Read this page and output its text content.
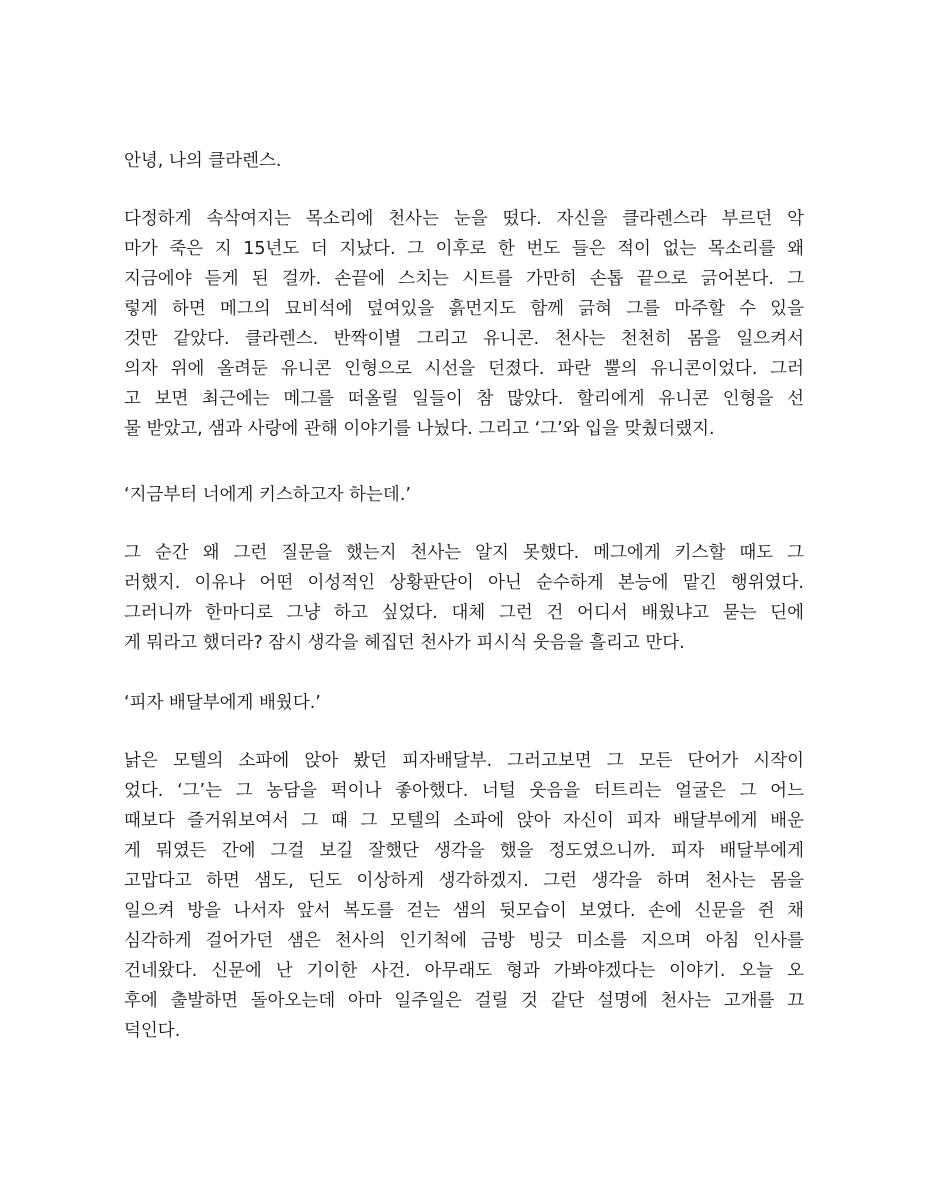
안녕, 나의 클라렌스.
다정하게 속삭여지는 목소리에 천사는 눈을 떴다. 자신을 클라렌스라 부르던 악
마가 죽은 지 15년도 더 지났다. 그 이후로 한 번도 들은 적이 없는 목소리를 왜
지금에야 듣게 된 걸까. 손끝에 스치는 시트를 가만히 손톱 끝으로 긁어본다. 그
렇게 하면 메그의 묘비석에 덮여있을 흙먼지도 함께 긁혀 그를 마주할 수 있을
것만 같았다. 클라렌스. 반짝이별 그리고 유니콘. 천사는 천천히 몸을 일으켜서
의자 위에 올려둔 유니콘 인형으로 시선을 던졌다. 파란 뿔의 유니콘이었다. 그러
고 보면 최근에는 메그를 떠올릴 일들이 참 많았다. 할리에게 유니콘 인형을 선
물 받았고, 샘과 사랑에 관해 이야기를 나눴다. 그리고 ‘그’와 입을 맞췄더랬지.
‘지금부터 너에게 키스하고자 하는데.’
그 순간 왜 그런 질문을 했는지 천사는 알지 못했다. 메그에게 키스할 때도 그
러했지. 이유나 어떤 이성적인 상황판단이 아닌 순수하게 본능에 맡긴 행위였다.
그러니까 한마디로 그냥 하고 싶었다. 대체 그런 건 어디서 배웠냐고 묻는 딘에
게 뭐라고 했더라? 잠시 생각을 헤집던 천사가 피시식 웃음을 흘리고 만다.
‘피자 배달부에게 배웠다.’
낡은 모텔의 소파에 앉아 봤던 피자배달부. 그러고보면 그 모든 단어가 시작이
었다. ‘그’는 그 농담을 퍽이나 좋아했다. 너털 웃음을 터트리는 얼굴은 그 어느
때보다 즐거워보여서 그 때 그 모텔의 소파에 앉아 자신이 피자 배달부에게 배운
게 뭐였든 간에 그걸 보길 잘했단 생각을 했을 정도였으니까. 피자 배달부에게
고맙다고 하면 샘도, 딘도 이상하게 생각하겠지. 그런 생각을 하며 천사는 몸을
일으켜 방을 나서자 앞서 복도를 걷는 샘의 뒷모습이 보였다. 손에 신문을 쥔 채
심각하게 걸어가던 샘은 천사의 인기척에 금방 빙긋 미소를 지으며 아침 인사를
건네왔다. 신문에 난 기이한 사건. 아무래도 형과 가봐야겠다는 이야기. 오늘 오
후에 출발하면 돌아오는데 아마 일주일은 걸릴 것 같단 설명에 천사는 고개를 끄
덕인다.
